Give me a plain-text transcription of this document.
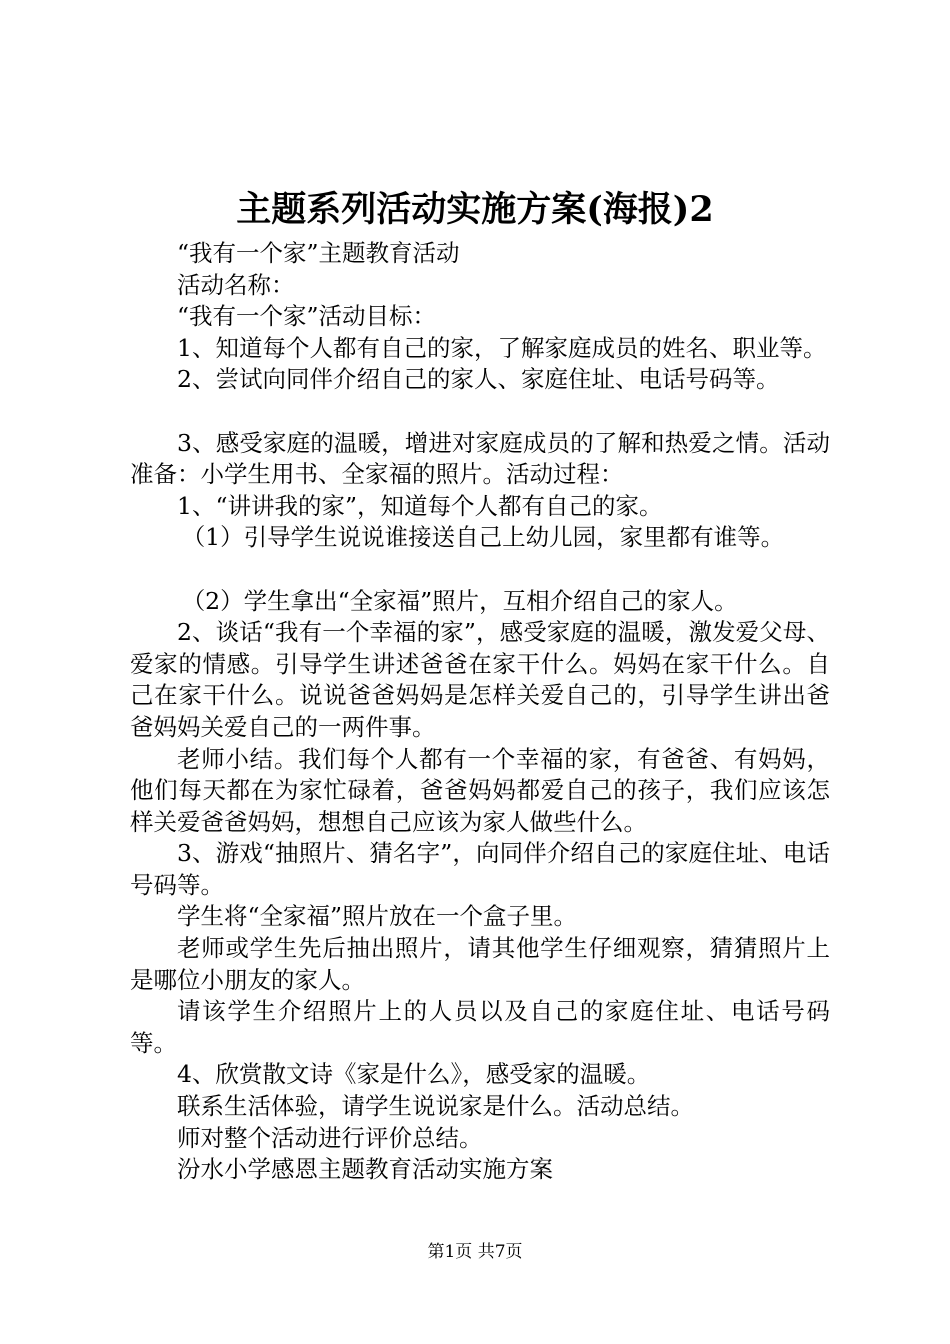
主题系列活动实施方案(海报)2

“我有一个家”主题教育活动

活动名称：

“我有一个家”活动目标：

1、知道每个人都有自己的家，了解家庭成员的姓名、职业等。

2、尝试向同伴介绍自己的家人、家庭住址、电话号码等。

3、感受家庭的温暖，增进对家庭成员的了解和热爱之情。活动准备：小学生用书、全家福的照片。活动过程：

1、“讲讲我的家”，知道每个人都有自己的家。

（1）引导学生说说谁接送自己上幼儿园，家里都有谁等。

（2）学生拿出“全家福”照片，互相介绍自己的家人。

2、谈话“我有一个幸福的家”，感受家庭的温暖，激发爱父母、爱家的情感。引导学生讲述爸爸在家干什么。妈妈在家干什么。自己在家干什么。说说爸爸妈妈是怎样关爱自己的，引导学生讲出爸爸妈妈关爱自己的一两件事。

老师小结。我们每个人都有一个幸福的家，有爸爸、有妈妈，他们每天都在为家忙碌着，爸爸妈妈都爱自己的孩子，我们应该怎样关爱爸爸妈妈，想想自己应该为家人做些什么。

3、游戏“抽照片、猜名字”，向同伴介绍自己的家庭住址、电话号码等。

学生将“全家福”照片放在一个盒子里。

老师或学生先后抽出照片，请其他学生仔细观察，猜猜照片上是哪位小朋友的家人。

请该学生介绍照片上的人员以及自己的家庭住址、电话号码等。

4、欣赏散文诗《家是什么》，感受家的温暖。

联系生活体验，请学生说说家是什么。活动总结。

师对整个活动进行评价总结。

汾水小学感恩主题教育活动实施方案

第1页 共7页
